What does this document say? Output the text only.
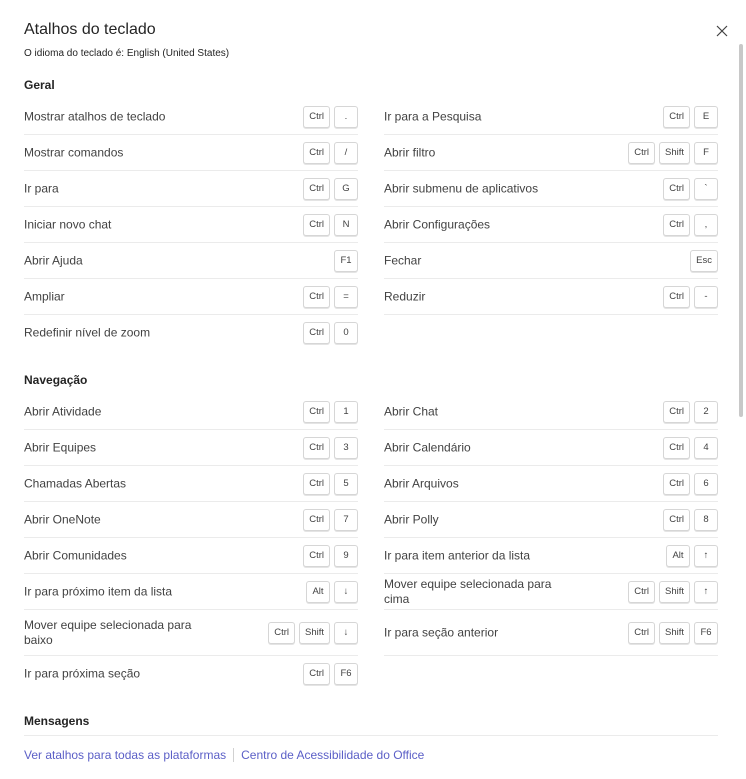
Atalhos do teclado
O idioma do teclado é: English (United States)
Geral
Mostrar atalhos de teclado	Ctrl	.
Mostrar comandos	Ctrl	/
Ir para	Ctrl	G
Iniciar novo chat	Ctrl	N
Abrir Ajuda	F1
Ampliar	Ctrl	=
Redefinir nível de zoom	Ctrl	0
Ir para a Pesquisa	Ctrl	E
Abrir filtro	Ctrl	Shift	F
Abrir submenu de aplicativos	Ctrl	`
Abrir Configurações	Ctrl	,
Fechar	Esc
Reduzir	Ctrl	-
Navegação
Abrir Atividade	Ctrl	1
Abrir Equipes	Ctrl	3
Chamadas Abertas	Ctrl	5
Abrir OneNote	Ctrl	7
Abrir Comunidades	Ctrl	9
Ir para próximo item da lista	Alt	↓
Mover equipe selecionada para baixo	Ctrl	Shift	↓
Ir para próxima seção	Ctrl	F6
Abrir Chat	Ctrl	2
Abrir Calendário	Ctrl	4
Abrir Arquivos	Ctrl	6
Abrir Polly	Ctrl	8
Ir para item anterior da lista	Alt	↑
Mover equipe selecionada para cima	Ctrl	Shift	↑
Ir para seção anterior	Ctrl	Shift	F6
Mensagens
Ver atalhos para todas as plataformas Centro de Acessibilidade do Office
